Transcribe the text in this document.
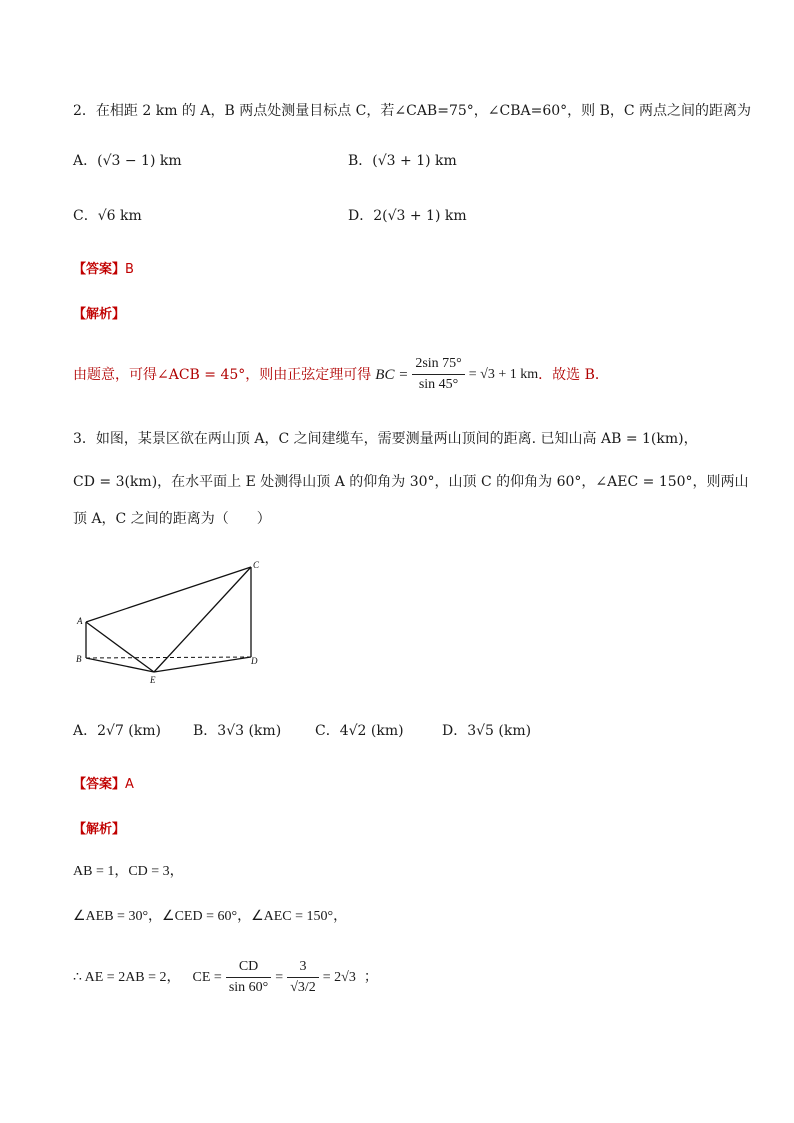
2．在相距 2 km 的 A，B 两点处测量目标点 C，若∠CAB=75°，∠CBA=60°，则 B，C 两点之间的距离为
A．(√3 − 1) km	B．(√3 + 1) km
C．√6 km	D．2(√3 + 1) km
【答案】B
【解析】
由题意，可得∠ACB = 45°，则由正弦定理可得 BC = $\frac{2\sin 75^\circ}{\sin 45^\circ} = √3 + 1$ km ．故选 B．
3．如图，某景区欲在两山顶 A，C 之间建缆车，需要测量两山顶间的距离. 已知山高 AB = 1(km)，
CD = 3(km)，在水平面上 E 处测得山顶 A 的仰角为 30°，山顶 C 的仰角为 60°，∠AEC = 150°，则两山
顶 A，C 之间的距离为（　　）
A
B
C
D
E
A．2√7 (km) B．3√3 (km) C．4√2 (km)	D．3√5 (km)
【答案】A
【解析】
AB = 1，CD = 3，
∠AEB = 30°，∠CED = 60°，∠AEC = 150°，
∴ AE = 2AB = 2， CE = $\frac{CD}{\sin 60^\circ} = \frac{3}{√3/2} = 2√3$ ；
